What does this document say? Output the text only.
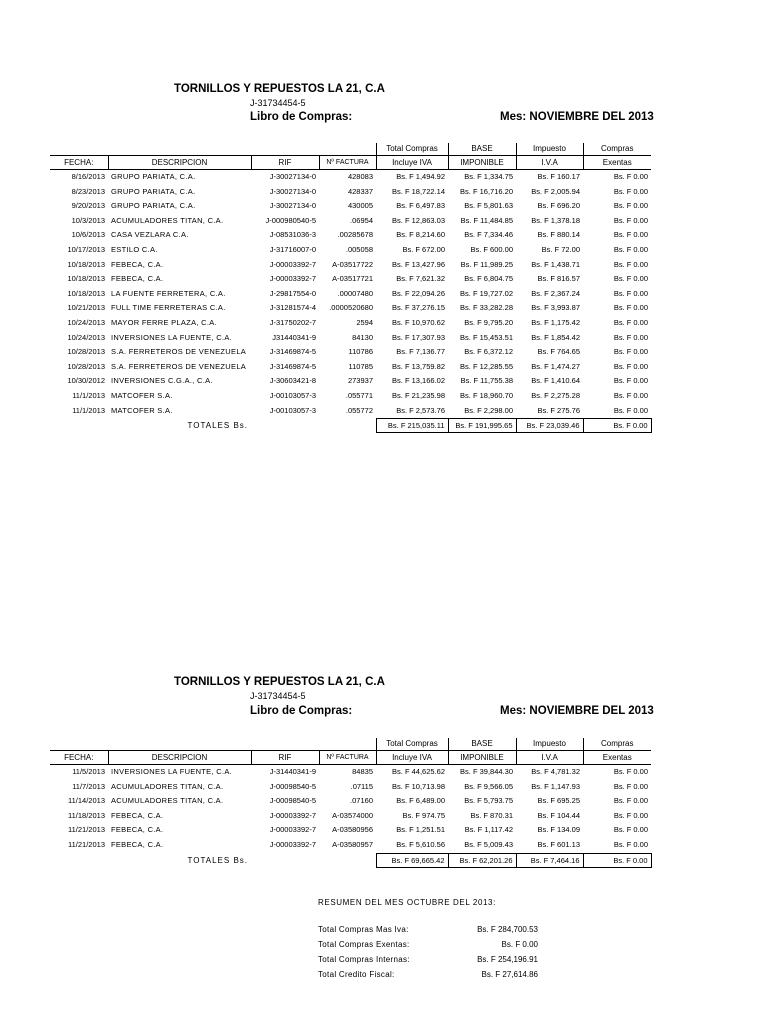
TORNILLOS Y REPUESTOS LA 21, C.A
J-31734454-5
Libro de Compras:	Mes: NOVIEMBRE DEL 2013
				Total Compras	BASE	Impuesto	Compras
FECHA:	DESCRIPCION	RIF	Nº FACTURA	Incluye IVA	IMPONIBLE	I.V.A	Exentas
8/16/2013	GRUPO PARIATA, C.A.	J-30027134-0	428083	Bs. F 1,494.92	Bs. F 1,334.75	Bs. F 160.17	Bs. F 0.00
8/23/2013	GRUPO PARIATA, C.A.	J-30027134-0	428337	Bs. F 18,722.14	Bs. F 16,716.20	Bs. F 2,005.94	Bs. F 0.00
9/20/2013	GRUPO PARIATA, C.A.	J-30027134-0	430005	Bs. F 6,497.83	Bs. F 5,801.63	Bs. F 696.20	Bs. F 0.00
10/3/2013	ACUMULADORES TITAN, C.A.	J-000980540-5	.06954	Bs. F 12,863.03	Bs. F 11,484.85	Bs. F 1,378.18	Bs. F 0.00
10/6/2013	CASA VEZLARA C.A.	J-08531036-3	.00285678	Bs. F 8,214.60	Bs. F 7,334.46	Bs. F 880.14	Bs. F 0.00
10/17/2013	ESTILO C.A.	J-31716007-0	.005058	Bs. F 672.00	Bs. F 600.00	Bs. F 72.00	Bs. F 0.00
10/18/2013	FEBECA, C.A.	J-00003392-7	A-03517722	Bs. F 13,427.96	Bs. F 11,989.25	Bs. F 1,438.71	Bs. F 0.00
10/18/2013	FEBECA, C.A.	J-00003392-7	A-03517721	Bs. F 7,621.32	Bs. F 6,804.75	Bs. F 816.57	Bs. F 0.00
10/18/2013	LA FUENTE FERRETERA, C.A.	J-29817554-0	.00007480	Bs. F 22,094.26	Bs. F 19,727.02	Bs. F 2,367.24	Bs. F 0.00
10/21/2013	FULL TIME FERRETERAS C.A.	J-31281574-4	.0000520680	Bs. F 37,276.15	Bs. F 33,282.28	Bs. F 3,993.87	Bs. F 0.00
10/24/2013	MAYOR FERRE PLAZA, C.A.	J-31750202-7	2594	Bs. F 10,970.62	Bs. F 9,795.20	Bs. F 1,175.42	Bs. F 0.00
10/24/2013	INVERSIONES LA FUENTE, C.A.	J31440341-9	84130	Bs. F 17,307.93	Bs. F 15,453.51	Bs. F 1,854.42	Bs. F 0.00
10/28/2013	S.A. FERRETEROS DE VENEZUELA	J-31469874-5	110786	Bs. F 7,136.77	Bs. F 6,372.12	Bs. F 764.65	Bs. F 0.00
10/28/2013	S.A. FERRETEROS DE VENEZUELA	J-31469874-5	110785	Bs. F 13,759.82	Bs. F 12,285.55	Bs. F 1,474.27	Bs. F 0.00
10/30/2012	INVERSIONES C.G.A., C.A.	J-30603421-8	273937	Bs. F 13,166.02	Bs. F 11,755.38	Bs. F 1,410.64	Bs. F 0.00
11/1/2013	MATCOFER S.A.	J-00103057-3	.055771	Bs. F 21,235.98	Bs. F 18,960.70	Bs. F 2,275.28	Bs. F 0.00
11/1/2013	MATCOFER S.A.	J-00103057-3	.055772	Bs. F 2,573.76	Bs. F 2,298.00	Bs. F 275.76	Bs. F 0.00
	TOTALES Bs.			Bs. F 215,035.11	Bs. F 191,995.65	Bs. F 23,039.46	Bs. F 0.00
TORNILLOS Y REPUESTOS LA 21, C.A
J-31734454-5
Libro de Compras:	Mes: NOVIEMBRE DEL 2013
				Total Compras	BASE	Impuesto	Compras
FECHA:	DESCRIPCION	RIF	Nº FACTURA	Incluye IVA	IMPONIBLE	I.V.A	Exentas
11/5/2013	INVERSIONES LA FUENTE, C.A.	J-31440341-9	84835	Bs. F 44,625.62	Bs. F 39,844.30	Bs. F 4,781.32	Bs. F 0.00
11/7/2013	ACUMULADORES TITAN, C.A.	J-00098540-5	.07115	Bs. F 10,713.98	Bs. F 9,566.05	Bs. F 1,147.93	Bs. F 0.00
11/14/2013	ACUMULADORES TITAN, C.A.	J-00098540-5	.07160	Bs. F 6,489.00	Bs. F 5,793.75	Bs. F 695.25	Bs. F 0.00
11/18/2013	FEBECA, C.A.	J-00003392-7	A-03574000	Bs. F 974.75	Bs. F 870.31	Bs. F 104.44	Bs. F 0.00
11/21/2013	FEBECA, C.A.	J-00003392-7	A-03580956	Bs. F 1,251.51	Bs. F 1,117.42	Bs. F 134.09	Bs. F 0.00
11/21/2013	FEBECA, C.A.	J-00003392-7	A-03580957	Bs. F 5,610.56	Bs. F 5,009.43	Bs. F 601.13	Bs. F 0.00
	TOTALES Bs.			Bs. F 69,665.42	Bs. F 62,201.26	Bs. F 7,464.16	Bs. F 0.00
RESUMEN DEL MES OCTUBRE DEL 2013:
Total Compras Mas Iva:	Bs. F 284,700.53
Total Compras Exentas:	Bs. F 0.00
Total Compras Internas:	Bs. F 254,196.91
Total Credito Fiscal:	Bs. F 27,614.86
